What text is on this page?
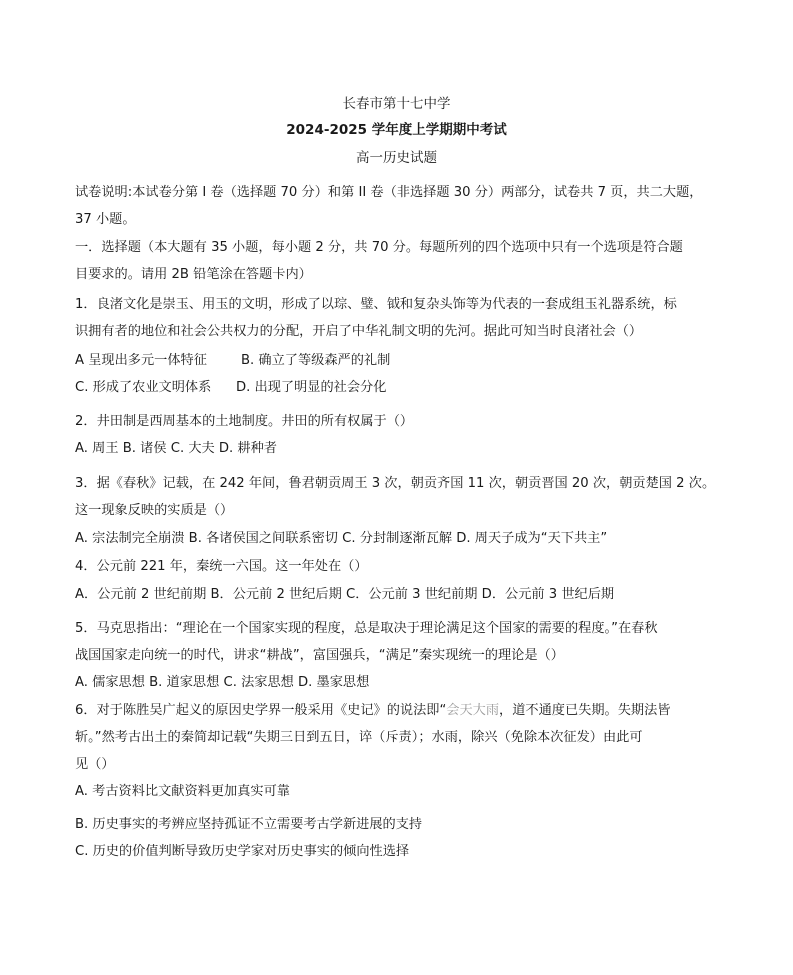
长春市第十七中学
2024-2025 学年度上学期期中考试
高一历史试题
试卷说明:本试卷分第 I 卷（选择题 70 分）和第 II 卷（非选择题 30 分）两部分，试卷共 7 页，共二大题，
37 小题。
一．选择题（本大题有 35 小题，每小题 2 分，共 70 分。每题所列的四个选项中只有一个选项是符合题
目要求的。请用 2B 铅笔涂在答题卡内）
1．良渚文化是崇玉、用玉的文明，形成了以琮、璧、钺和复杂头饰等为代表的一套成组玉礼器系统，标
识拥有者的地位和社会公共权力的分配，开启了中华礼制文明的先河。据此可知当时良渚社会（）
A 呈现出多元一体特征	B. 确立了等级森严的礼制
C. 形成了农业文明体系 D. 出现了明显的社会分化
2．井田制是西周基本的土地制度。井田的所有权属于（）
A. 周王 B. 诸侯 C. 大夫 D. 耕种者
3．据《春秋》记载，在 242 年间，鲁君朝贡周王 3 次，朝贡齐国 11 次，朝贡晋国 20 次，朝贡楚国 2 次。
这一现象反映的实质是（）
A. 宗法制完全崩溃 B. 各诸侯国之间联系密切 C. 分封制逐渐瓦解 D. 周天子成为“天下共主”
4．公元前 221 年，秦统一六国。这一年处在（）
A．公元前 2 世纪前期 B．公元前 2 世纪后期 C．公元前 3 世纪前期 D．公元前 3 世纪后期
5．马克思指出：“理论在一个国家实现的程度，总是取决于理论满足这个国家的需要的程度。”在春秋
战国国家走向统一的时代，讲求“耕战”，富国强兵，“满足”秦实现统一的理论是（）
A. 儒家思想 B. 道家思想 C. 法家思想 D. 墨家思想
6．对于陈胜吴广起义的原因史学界一般采用《史记》的说法即“会天大雨，道不通度已失期。失期法皆
斩。”然考古出土的秦简却记载“失期三日到五日，谇（斥责）；水雨，除兴（免除本次征发）由此可
见（）
A. 考古资料比文献资料更加真实可靠
B. 历史事实的考辨应坚持孤证不立需要考古学新进展的支持
C. 历史的价值判断导致历史学家对历史事实的倾向性选择
